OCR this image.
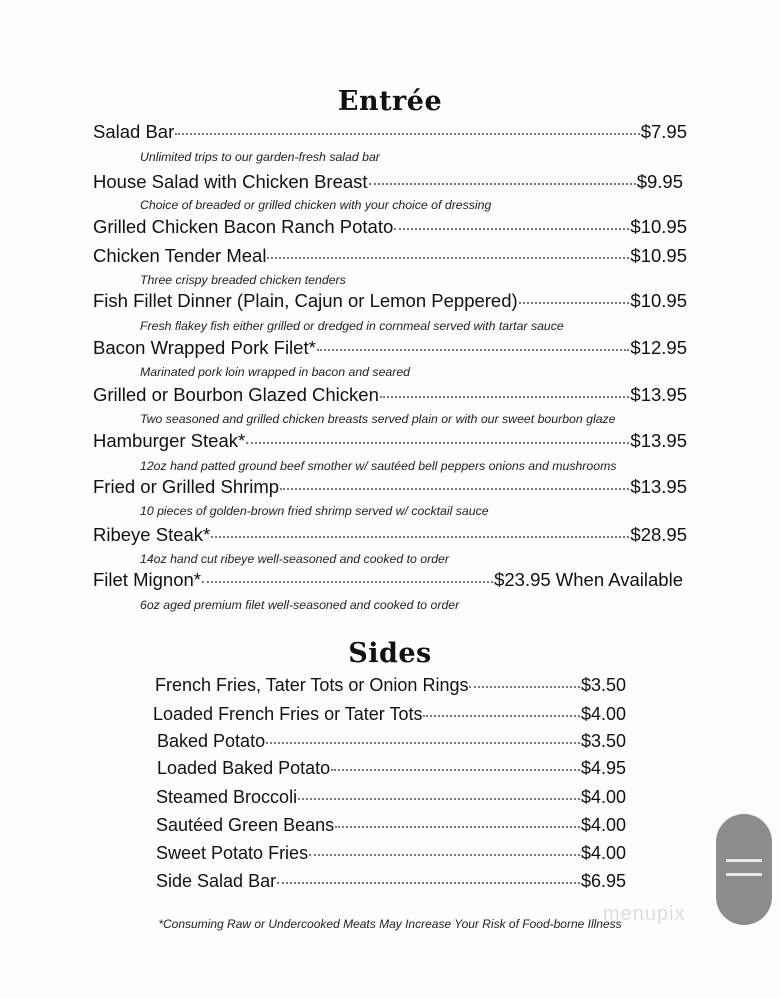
Entrée
Salad Bar	$7.95
Unlimited trips to our garden-fresh salad bar
House Salad with Chicken Breast	$9.95
Choice of breaded or grilled chicken with your choice of dressing
Grilled Chicken Bacon Ranch Potato	$10.95
Chicken Tender Meal	$10.95
Three crispy breaded chicken tenders
Fish Fillet Dinner (Plain, Cajun or Lemon Peppered)	$10.95
Fresh flakey fish either grilled or dredged in cornmeal served with tartar sauce
Bacon Wrapped Pork Filet*	$12.95
Marinated pork loin wrapped in bacon and seared
Grilled or Bourbon Glazed Chicken	$13.95
Two seasoned and grilled chicken breasts served plain or with our sweet bourbon glaze
Hamburger Steak*	$13.95
12oz hand patted ground beef smother w/ sautéed bell peppers onions and mushrooms
Fried or Grilled Shrimp	$13.95
10 pieces of golden-brown fried shrimp served w/ cocktail sauce
Ribeye Steak*	$28.95
14oz hand cut ribeye well-seasoned and cooked to order
Filet Mignon*	$23.95 When Available
6oz aged premium filet well-seasoned and cooked to order
Sides
French Fries, Tater Tots or Onion Rings	$3.50
Loaded French Fries or Tater Tots	$4.00
Baked Potato	$3.50
Loaded Baked Potato	$4.95
Steamed Broccoli	$4.00
Sautéed Green Beans	$4.00
Sweet Potato Fries	$4.00
Side Salad Bar	$6.95
*Consuming Raw or Undercooked Meats May Increase Your Risk of Food-borne Illness
menupix
